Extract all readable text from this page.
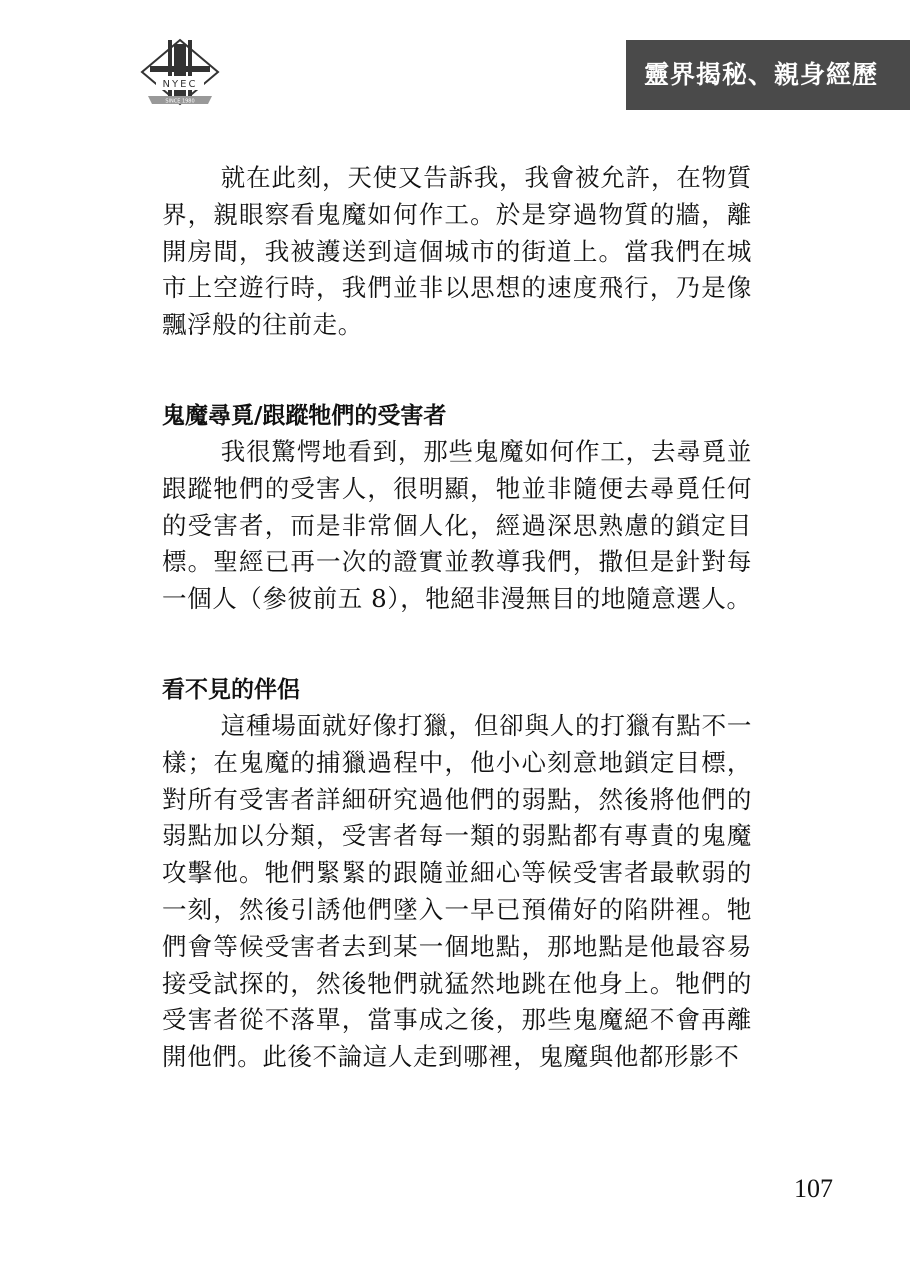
NYEC
SINCE 1980
靈界揭秘、親身經歷

就在此刻，天使又告訴我，我會被允許，在物質界，親眼察看鬼魔如何作工。於是穿過物質的牆，離開房間，我被護送到這個城市的街道上。當我們在城市上空遊行時，我們並非以思想的速度飛行，乃是像飄浮般的往前走。

鬼魔尋覓/跟蹤牠們的受害者

我很驚愕地看到，那些鬼魔如何作工，去尋覓並跟蹤牠們的受害人，很明顯，牠並非隨便去尋覓任何的受害者，而是非常個人化，經過深思熟慮的鎖定目標。聖經已再一次的證實並教導我們，撒但是針對每一個人（參彼前五 8），牠絕非漫無目的地隨意選人。

看不見的伴侶

這種場面就好像打獵，但卻與人的打獵有點不一樣；在鬼魔的捕獵過程中，他小心刻意地鎖定目標，對所有受害者詳細研究過他們的弱點，然後將他們的弱點加以分類，受害者每一類的弱點都有專責的鬼魔攻擊他。牠們緊緊的跟隨並細心等候受害者最軟弱的一刻，然後引誘他們墜入一早已預備好的陷阱裡。牠們會等候受害者去到某一個地點，那地點是他最容易接受試探的，然後牠們就猛然地跳在他身上。牠們的受害者從不落單，當事成之後，那些鬼魔絕不會再離開他們。此後不論這人走到哪裡，鬼魔與他都形影不

107
